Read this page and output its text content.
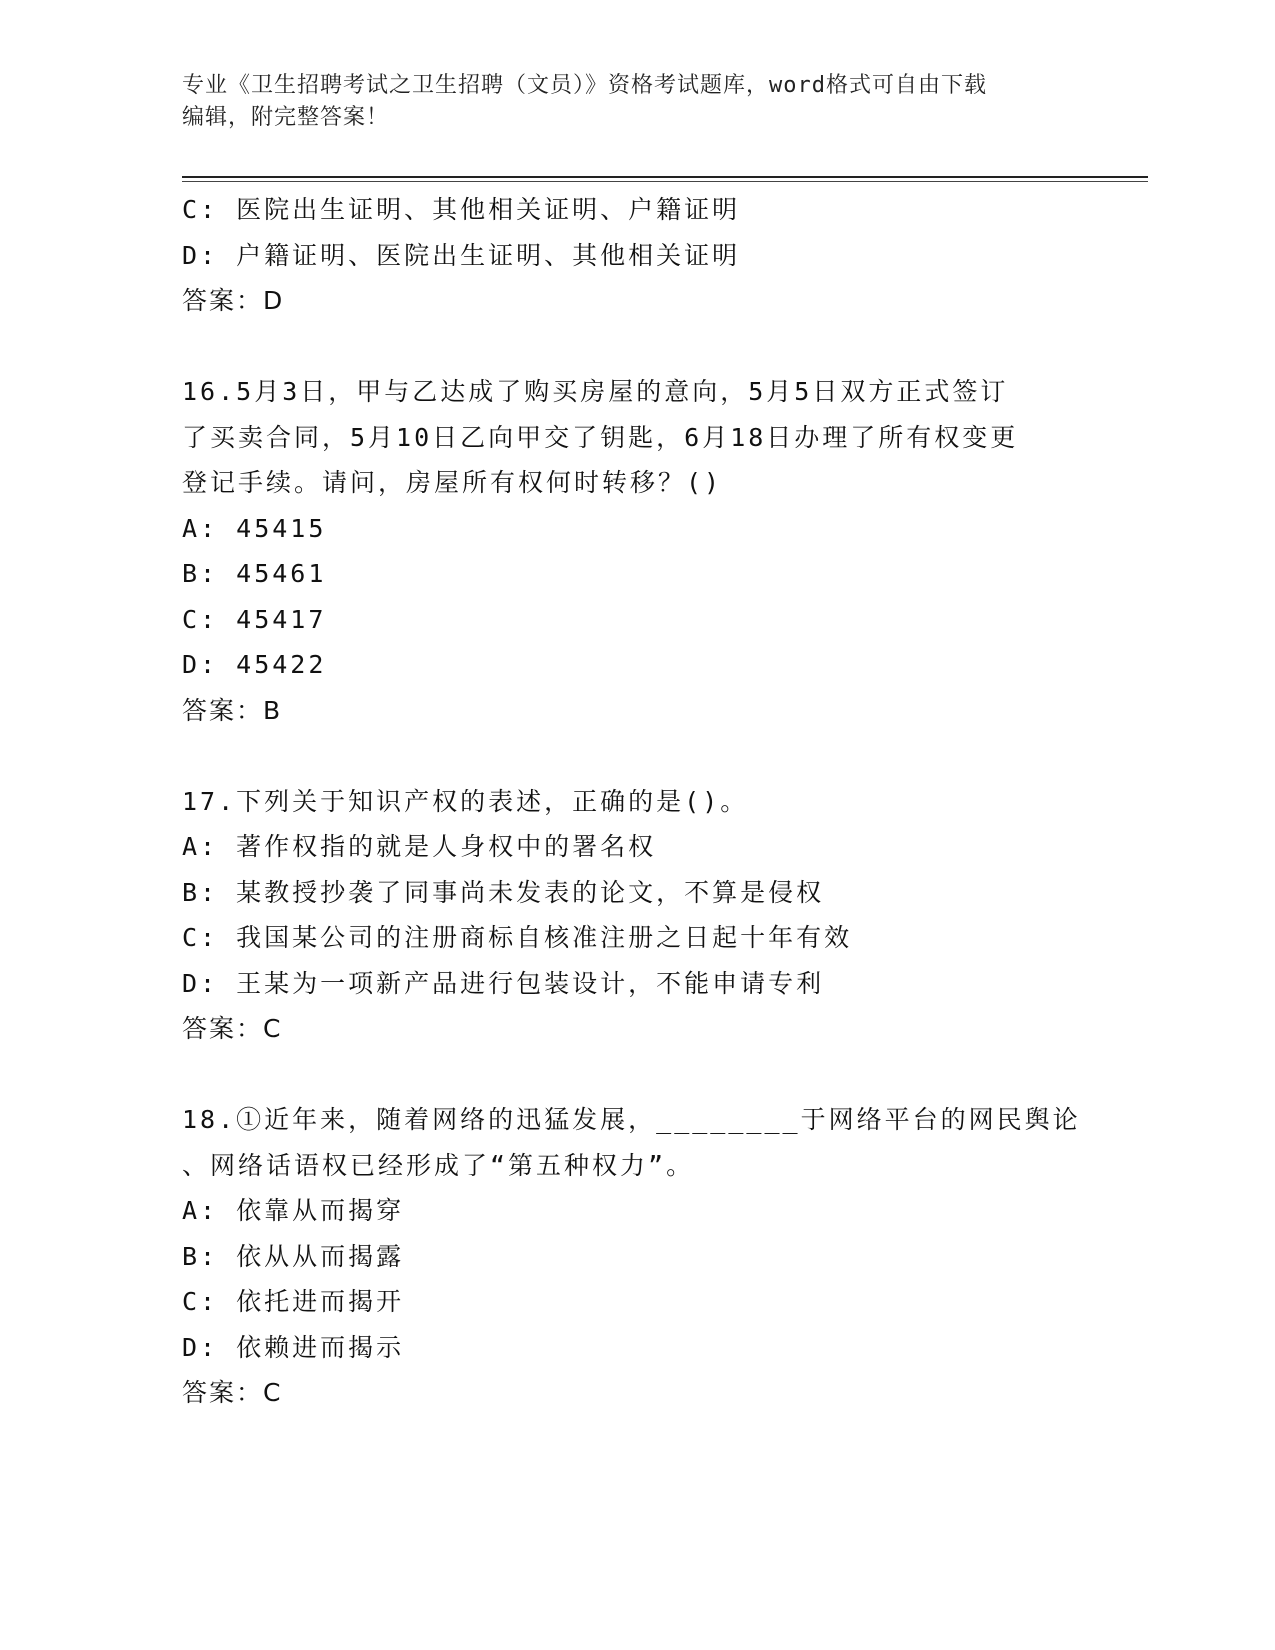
专业《卫生招聘考试之卫生招聘（文员）》资格考试题库，word格式可自由下载
编辑，附完整答案！
C: 医院出生证明、其他相关证明、户籍证明
D: 户籍证明、医院出生证明、其他相关证明
答案：D
16.5月3日，甲与乙达成了购买房屋的意向，5月5日双方正式签订
了买卖合同，5月10日乙向甲交了钥匙，6月18日办理了所有权变更
登记手续。请问，房屋所有权何时转移？()
A: 45415
B: 45461
C: 45417
D: 45422
答案：B
17.下列关于知识产权的表述，正确的是()。
A: 著作权指的就是人身权中的署名权
B: 某教授抄袭了同事尚未发表的论文，不算是侵权
C: 我国某公司的注册商标自核准注册之日起十年有效
D: 王某为一项新产品进行包装设计，不能申请专利
答案：C
18.①近年来，随着网络的迅猛发展，________于网络平台的网民舆论
、网络话语权已经形成了“第五种权力”。
A: 依靠从而揭穿
B: 依从从而揭露
C: 依托进而揭开
D: 依赖进而揭示
答案：C
